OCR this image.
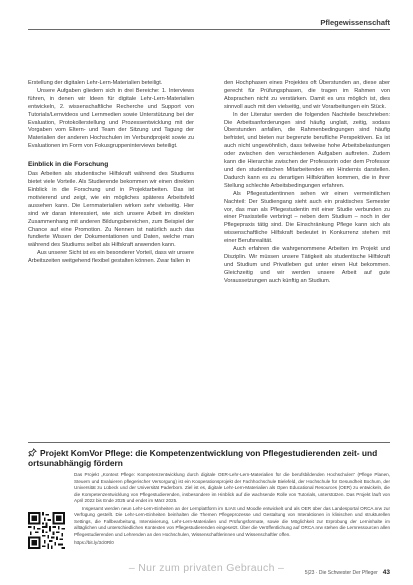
Pflegewissenschaft

Erstellung der digitalen Lehr-Lern-Materialien beteiligt.

Unsere Aufgaben gliedern sich in drei Bereiche: 1. Interviews führen, in denen wir Ideen für digitale Lehr-Lern-Materialien entwickeln, 2. wissenschaftliche Recherche und Support von Tutorials/Lernvideos und Lernmedien sowie Unterstützung bei der Evaluation, Protokollerstellung und Prozessentwicklung mit der Vorgaben vom Eltern- und Team der Sitzung und Tagung der Materialien der anderen Hochschulen im Verbundprojekt sowie zu Evaluationen im Form von Fokusgruppeninterviews beteiligt.

Einblick in die Forschung

Das Arbeiten als studentische Hilfskraft während des Studiums bietet viele Vorteile. Als Studierende bekommen wir einen direkten Einblick in die Forschung und in Projektarbeiten. Das ist motivierend und zeigt, wie ein mögliches späteres Arbeitsfeld aussehen kann. Die Lernmaterialien wirken sehr vielseitig. Hier sind wir daran interessiert, wie sich unsere Arbeit im direkten Zusammenhang mit anderen Bildungsbereichen, zum Beispiel der Chance auf eine Promotion. Zu Nennen ist natürlich auch das fundierte Wissen der Dokumentationen und Daten, welche man während des Studiums selbst als Hilfskraft anwenden kann.

Aus unserer Sicht ist es ein besonderer Vorteil, dass wir unsere Arbeitszeiten weitgehend flexibel gestalten können. Zwar fallen in

den Hochphasen eines Projektes oft Überstunden an, diese aber gerecht für Prüfungsphasen, die tragen im Rahmen von Absprachen nicht zu verstärken. Damit es uns möglich ist, dies sinnvoll auch mit den vielseitig, und wir Vorarbeitungen ein Stück.

In der Literatur werden die folgenden Nachteile beschrieben: Die Arbeitsanforderungen sind häufig unglatt, zeitig, sodass Überstunden anfallen, die Rahmenbedingungen sind häufig befristet, und bieten nur begrenzte berufliche Perspektiven. Es ist auch nicht ungewöhnlich, dass teilweise hohe Arbeitsbelastungen oder zwischen den verschiedenen Aufgaben auftreten. Zudem kann die Hierarchie zwischen der Professorin oder dem Professor und den studentischen Mitarbeitenden ein Hindernis darstellen. Dadurch kann es zu derartigen Hilfskräften kommen, die in ihrer Stellung schlechte Arbeitsbedingungen erfahren.

Als Pflegestudentinnen sehen wir einen vermeintlichen Nachteil: Der Studiengang sieht auch ein praktisches Semester vor, das man als Pflegestudentin mit einer Studie verbunden zu einer Praxisstelle verbringt – neben dem Studium – noch in der Pflegepraxis tätig sind. Die Einschränkung Pflege kann sich als wissenschaftliche Hilfskraft bedeutet in Konkurrenz stehen mit einer Berufsrealität.

Auch erfahren die wahrgenommene Arbeiten im Projekt und Disziplin. Wir müssen unsere Tätigkeit als studentische Hilfskraft und Studium und Privatleben gut unter einen Hut bekommen. Gleichzeitig und wir werden unsere Arbeit auf gute Voraussetzungen auch künftig an Studium.

Projekt KomVor Pflege: die Kompetenzentwicklung von Pflegestudierenden zeit- und ortsunabhängig fördern

Das Projekt „Kontext Pflege: Kompetenzentwicklung durch digitale OER-Lehr-Lern-Materialien für die berufsbildenden Hochschulen“ (Pflege Planen, Steuern und Evaluieren pflegerischer Versorgung) ist ein Kooperationsprojekt der Fachhochschule Bielefeld, der Hochschule für Gesundheit Bochum, der Universität zu Lübeck und der Universität Paderborn. Ziel ist es, digitale Lehr-Lern-Materialien als Open Educational Resources (OER) zu entwickeln, die die Kompetenzentwicklung von Pflegestudierenden, insbesondere im Hinblick auf die wachsende Rolle von Tutorials, unterstützen. Das Projekt läuft von April 2022 bis Ende 2025 und endet im März 2025.

Insgesamt werden neun Lehr-Lern-Einheiten an der Lernplattform im ILIAS und Moodle entwickelt und als OER über das Landesportal ORCA.nrw zur Verfügung gestellt. Die Lehr-Lern-Einheiten beinhalten die Themen Pflegeprozesse und Gestaltung von Interaktionen in klinischen und strukturellen Settings, die Fallbearbeitung, Intensivierung, Lehr-Lern-Materialien und Prüfungsformate, sowie die Möglichkeit zur Erprobung der Lerninhalte im alltäglichen und unterschiedlichen Kontexten von Pflegestudierenden eingesetzt. Über die Veröffentlichung auf ORCA.nrw stehen die Lernressourcen allen Pflegestudierenden und Lehrenden an den Hochschulen, Wissenschaftlerinnen und Wissenschaftler offen.

https://bit.ly/3cl0Rl0
– Nur zum privaten Gebrauch –	5|23 · Die Schwester Der Pfleger 43
